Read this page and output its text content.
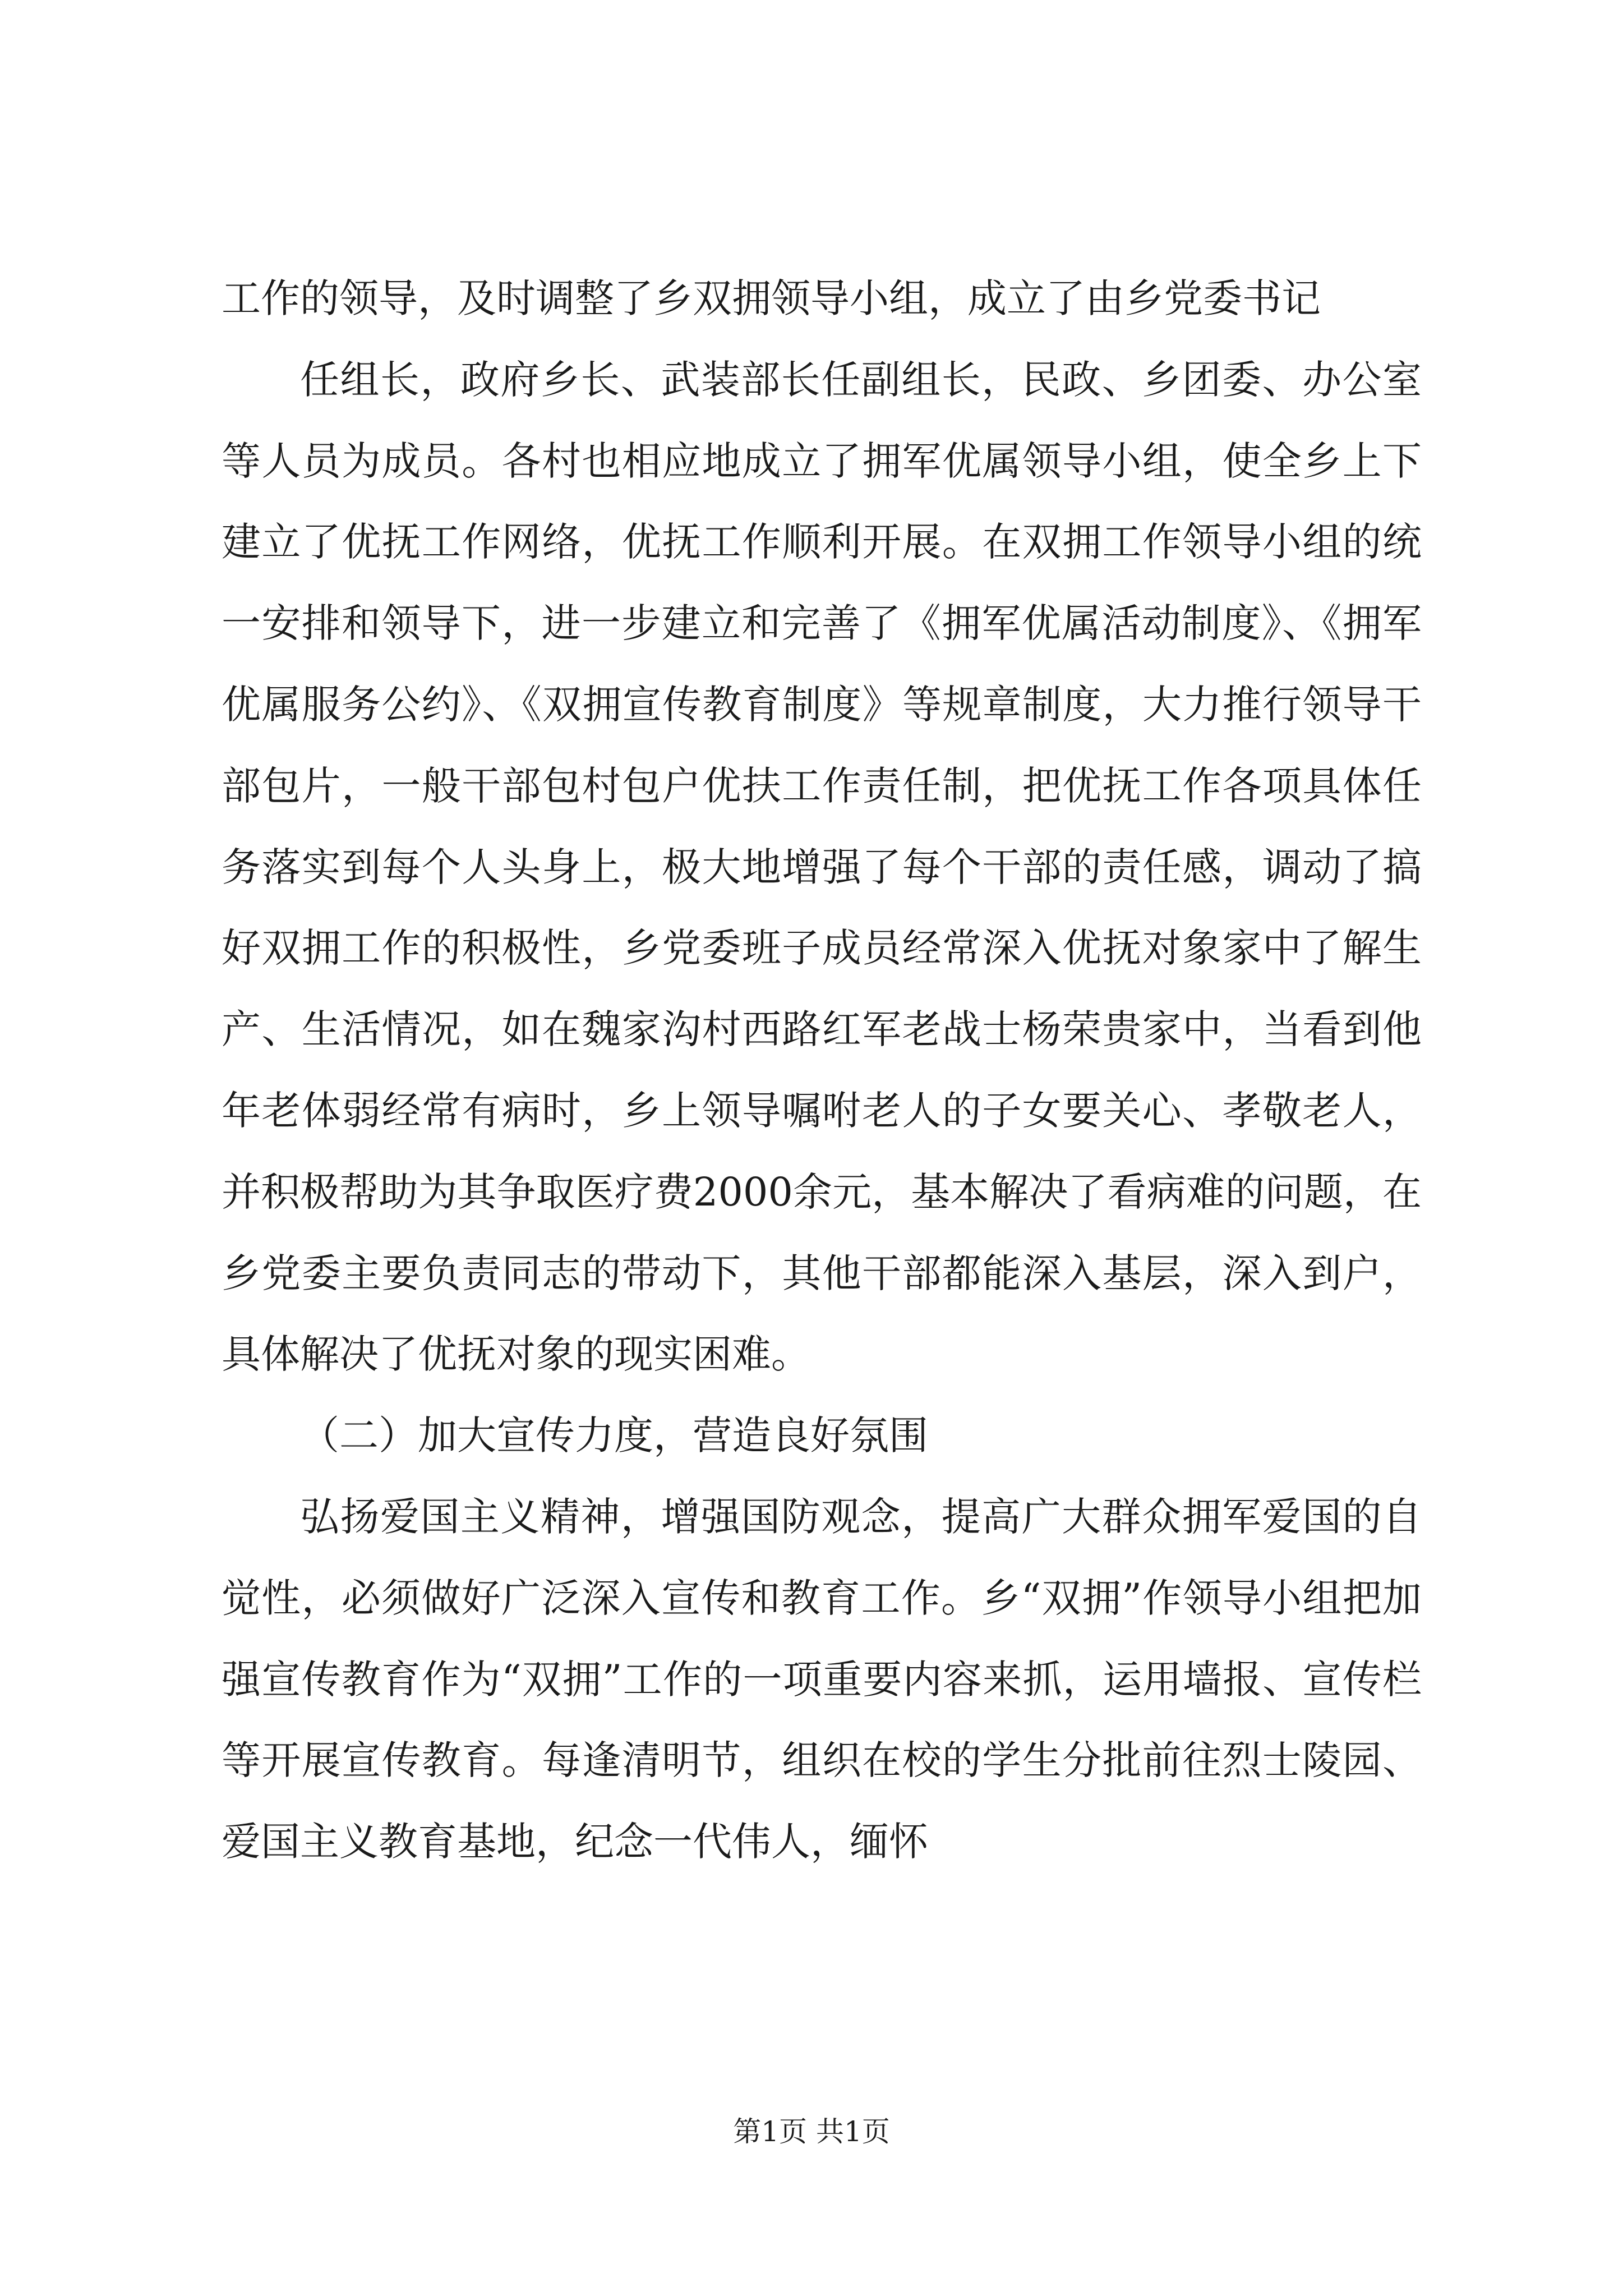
工作的领导，及时调整了乡双拥领导小组，成立了由乡党委书记

任组长，政府乡长、武装部长任副组长，民政、乡团委、办公室等人员为成员。各村也相应地成立了拥军优属领导小组，使全乡上下建立了优抚工作网络，优抚工作顺利开展。在双拥工作领导小组的统一安排和领导下，进一步建立和完善了《拥军优属活动制度》、《拥军优属服务公约》、《双拥宣传教育制度》等规章制度，大力推行领导干部包片，一般干部包村包户优扶工作责任制，把优抚工作各项具体任务落实到每个人头身上，极大地增强了每个干部的责任感，调动了搞好双拥工作的积极性，乡党委班子成员经常深入优抚对象家中了解生产、生活情况，如在魏家沟村西路红军老战士杨荣贵家中，当看到他年老体弱经常有病时，乡上领导嘱咐老人的子女要关心、孝敬老人，并积极帮助为其争取医疗费2000余元，基本解决了看病难的问题，在乡党委主要负责同志的带动下，其他干部都能深入基层，深入到户，具体解决了优抚对象的现实困难。

（二）加大宣传力度，营造良好氛围

弘扬爱国主义精神，增强国防观念，提高广大群众拥军爱国的自觉性，必须做好广泛深入宣传和教育工作。乡“双拥”作领导小组把加强宣传教育作为“双拥”工作的一项重要内容来抓，运用墙报、宣传栏等开展宣传教育。每逢清明节，组织在校的学生分批前往烈士陵园、爱国主义教育基地，纪念一代伟人，缅怀

第1页 共1页
